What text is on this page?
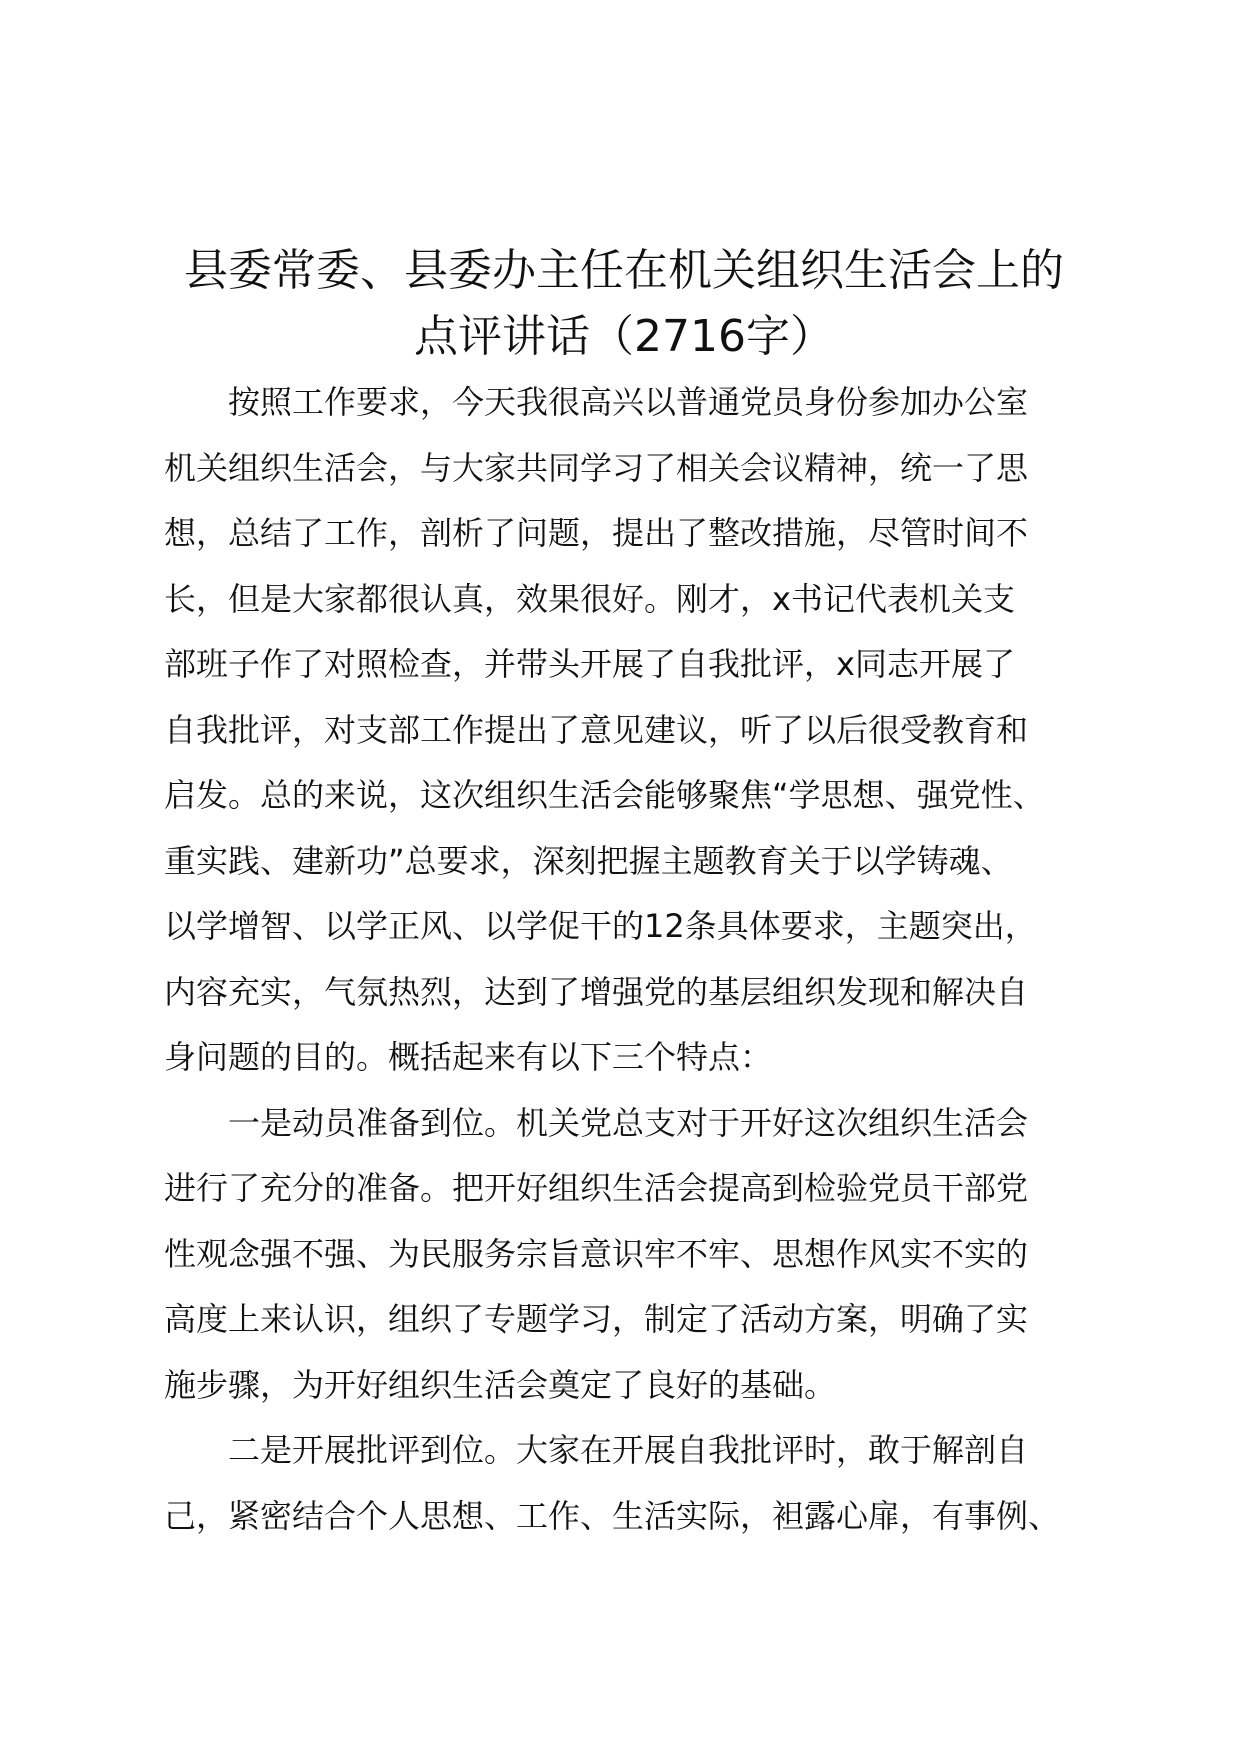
县委常委、县委办主任在机关组织生活会上的
点评讲话（2716字）

按照工作要求，今天我很高兴以普通党员身份参加办公室
机关组织生活会，与大家共同学习了相关会议精神，统一了思
想，总结了工作，剖析了问题，提出了整改措施，尽管时间不
长，但是大家都很认真，效果很好。刚才，x书记代表机关支
部班子作了对照检查，并带头开展了自我批评，x同志开展了
自我批评，对支部工作提出了意见建议，听了以后很受教育和
启发。总的来说，这次组织生活会能够聚焦“学思想、强党性、
重实践、建新功”总要求，深刻把握主题教育关于以学铸魂、
以学增智、以学正风、以学促干的12条具体要求，主题突出，
内容充实，气氛热烈，达到了增强党的基层组织发现和解决自
身问题的目的。概括起来有以下三个特点：

一是动员准备到位。机关党总支对于开好这次组织生活会
进行了充分的准备。把开好组织生活会提高到检验党员干部党
性观念强不强、为民服务宗旨意识牢不牢、思想作风实不实的
高度上来认识，组织了专题学习，制定了活动方案，明确了实
施步骤，为开好组织生活会奠定了良好的基础。

二是开展批评到位。大家在开展自我批评时，敢于解剖自
己，紧密结合个人思想、工作、生活实际，袒露心扉，有事例、
